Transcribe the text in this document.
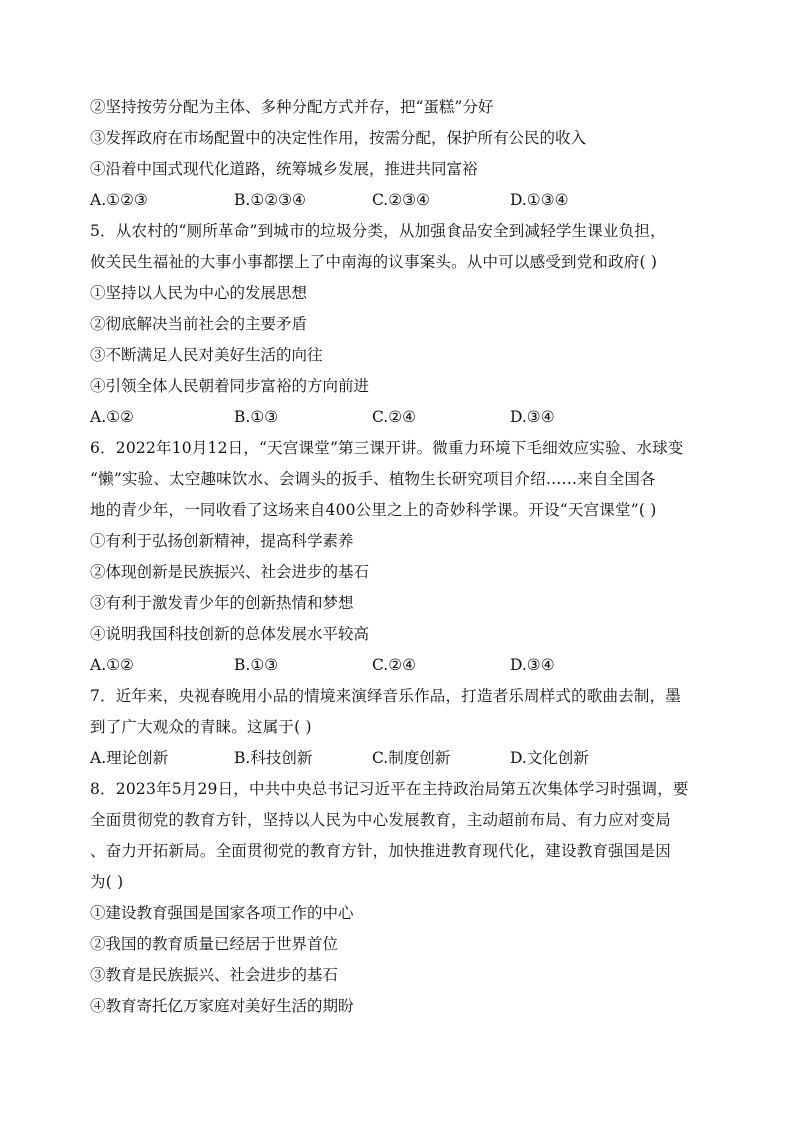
②坚持按劳分配为主体、多种分配方式并存，把“蛋糕”分好
③发挥政府在市场配置中的决定性作用，按需分配，保护所有公民的收入
④沿着中国式现代化道路，统筹城乡发展，推进共同富裕
A.①②③	B.①②③④	C.②③④	D.①③④
5．从农村的“厕所革命”到城市的垃圾分类，从加强食品安全到减轻学生课业负担，
攸关民生福祉的大事小事都摆上了中南海的议事案头。从中可以感受到党和政府( )
①坚持以人民为中心的发展思想
②彻底解决当前社会的主要矛盾
③不断满足人民对美好生活的向往
④引领全体人民朝着同步富裕的方向前进
A.①②	B.①③	C.②④	D.③④
6．2022年10月12日，“天宫课堂”第三课开讲。微重力环境下毛细效应实验、水球变
“懒”实验、太空趣味饮水、会调头的扳手、植物生长研究项目介绍……来自全国各
地的青少年，一同收看了这场来自400公里之上的奇妙科学课。开设“天宫课堂”( )
①有利于弘扬创新精神，提高科学素养
②体现创新是民族振兴、社会进步的基石
③有利于激发青少年的创新热情和梦想
④说明我国科技创新的总体发展水平较高
A.①②	B.①③	C.②④	D.③④
7．近年来，央视春晚用小品的情境来演绎音乐作品，打造者乐周样式的歌曲去制，墨
到了广大观众的青睐。这属于( )
A.理论创新	B.科技创新	C.制度创新	D.文化创新
8．2023年5月29日，中共中央总书记习近平在主持政治局第五次集体学习时强调，要
全面贯彻党的教育方针，坚持以人民为中心发展教育，主动超前布局、有力应对变局
、奋力开拓新局。全面贯彻党的教育方针，加快推进教育现代化，建设教育强国是因
为( )
①建设教育强国是国家各项工作的中心
②我国的教育质量已经居于世界首位
③教育是民族振兴、社会进步的基石
④教育寄托亿万家庭对美好生活的期盼
